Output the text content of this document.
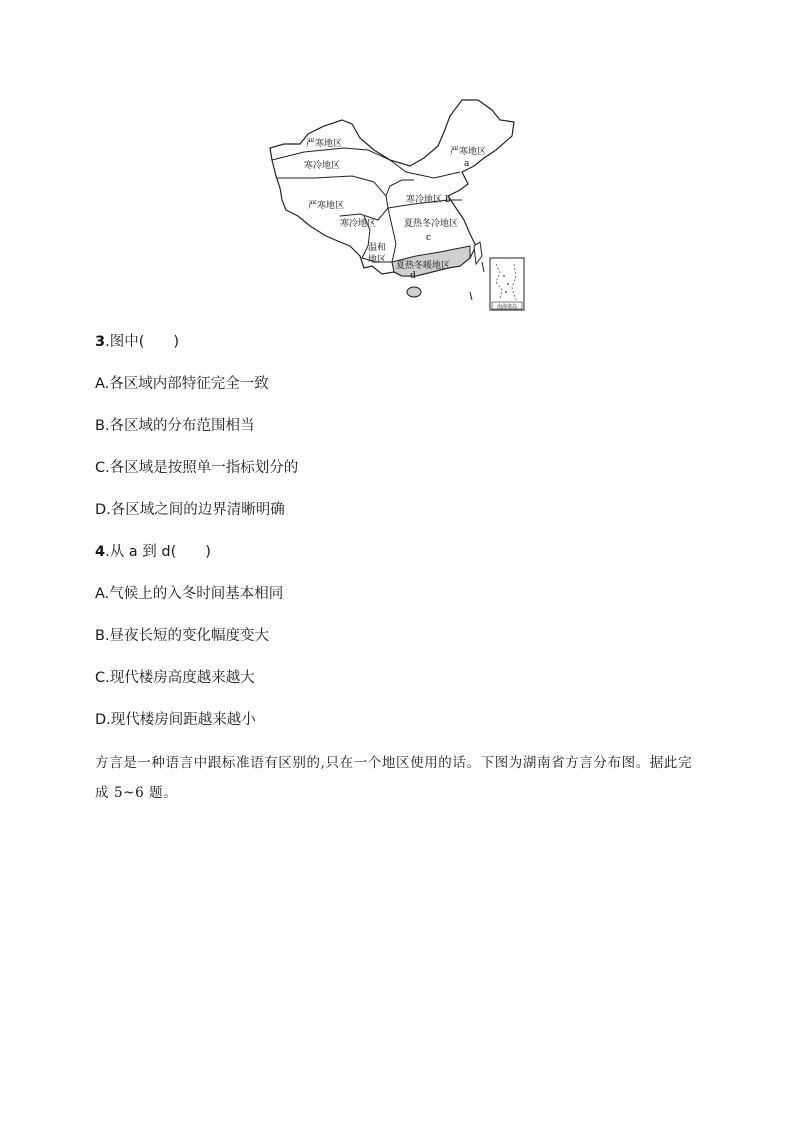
南海诸岛
严寒地区
寒冷地区
严寒地区
a
严寒地区
寒冷地区 b
寒冷地区	夏热冬冷地区
c
温和
地区
夏热冬暖地区
d
3.图中(　　)
A.各区域内部特征完全一致
B.各区域的分布范围相当
C.各区域是按照单一指标划分的
D.各区域之间的边界清晰明确
4.从 a 到 d(　　)
A.气候上的入冬时间基本相同
B.昼夜长短的变化幅度变大
C.现代楼房高度越来越大
D.现代楼房间距越来越小
方言是一种语言中跟标准语有区别的,只在一个地区使用的话。下图为湖南省方言分布图。据此完成 5~6 题。
